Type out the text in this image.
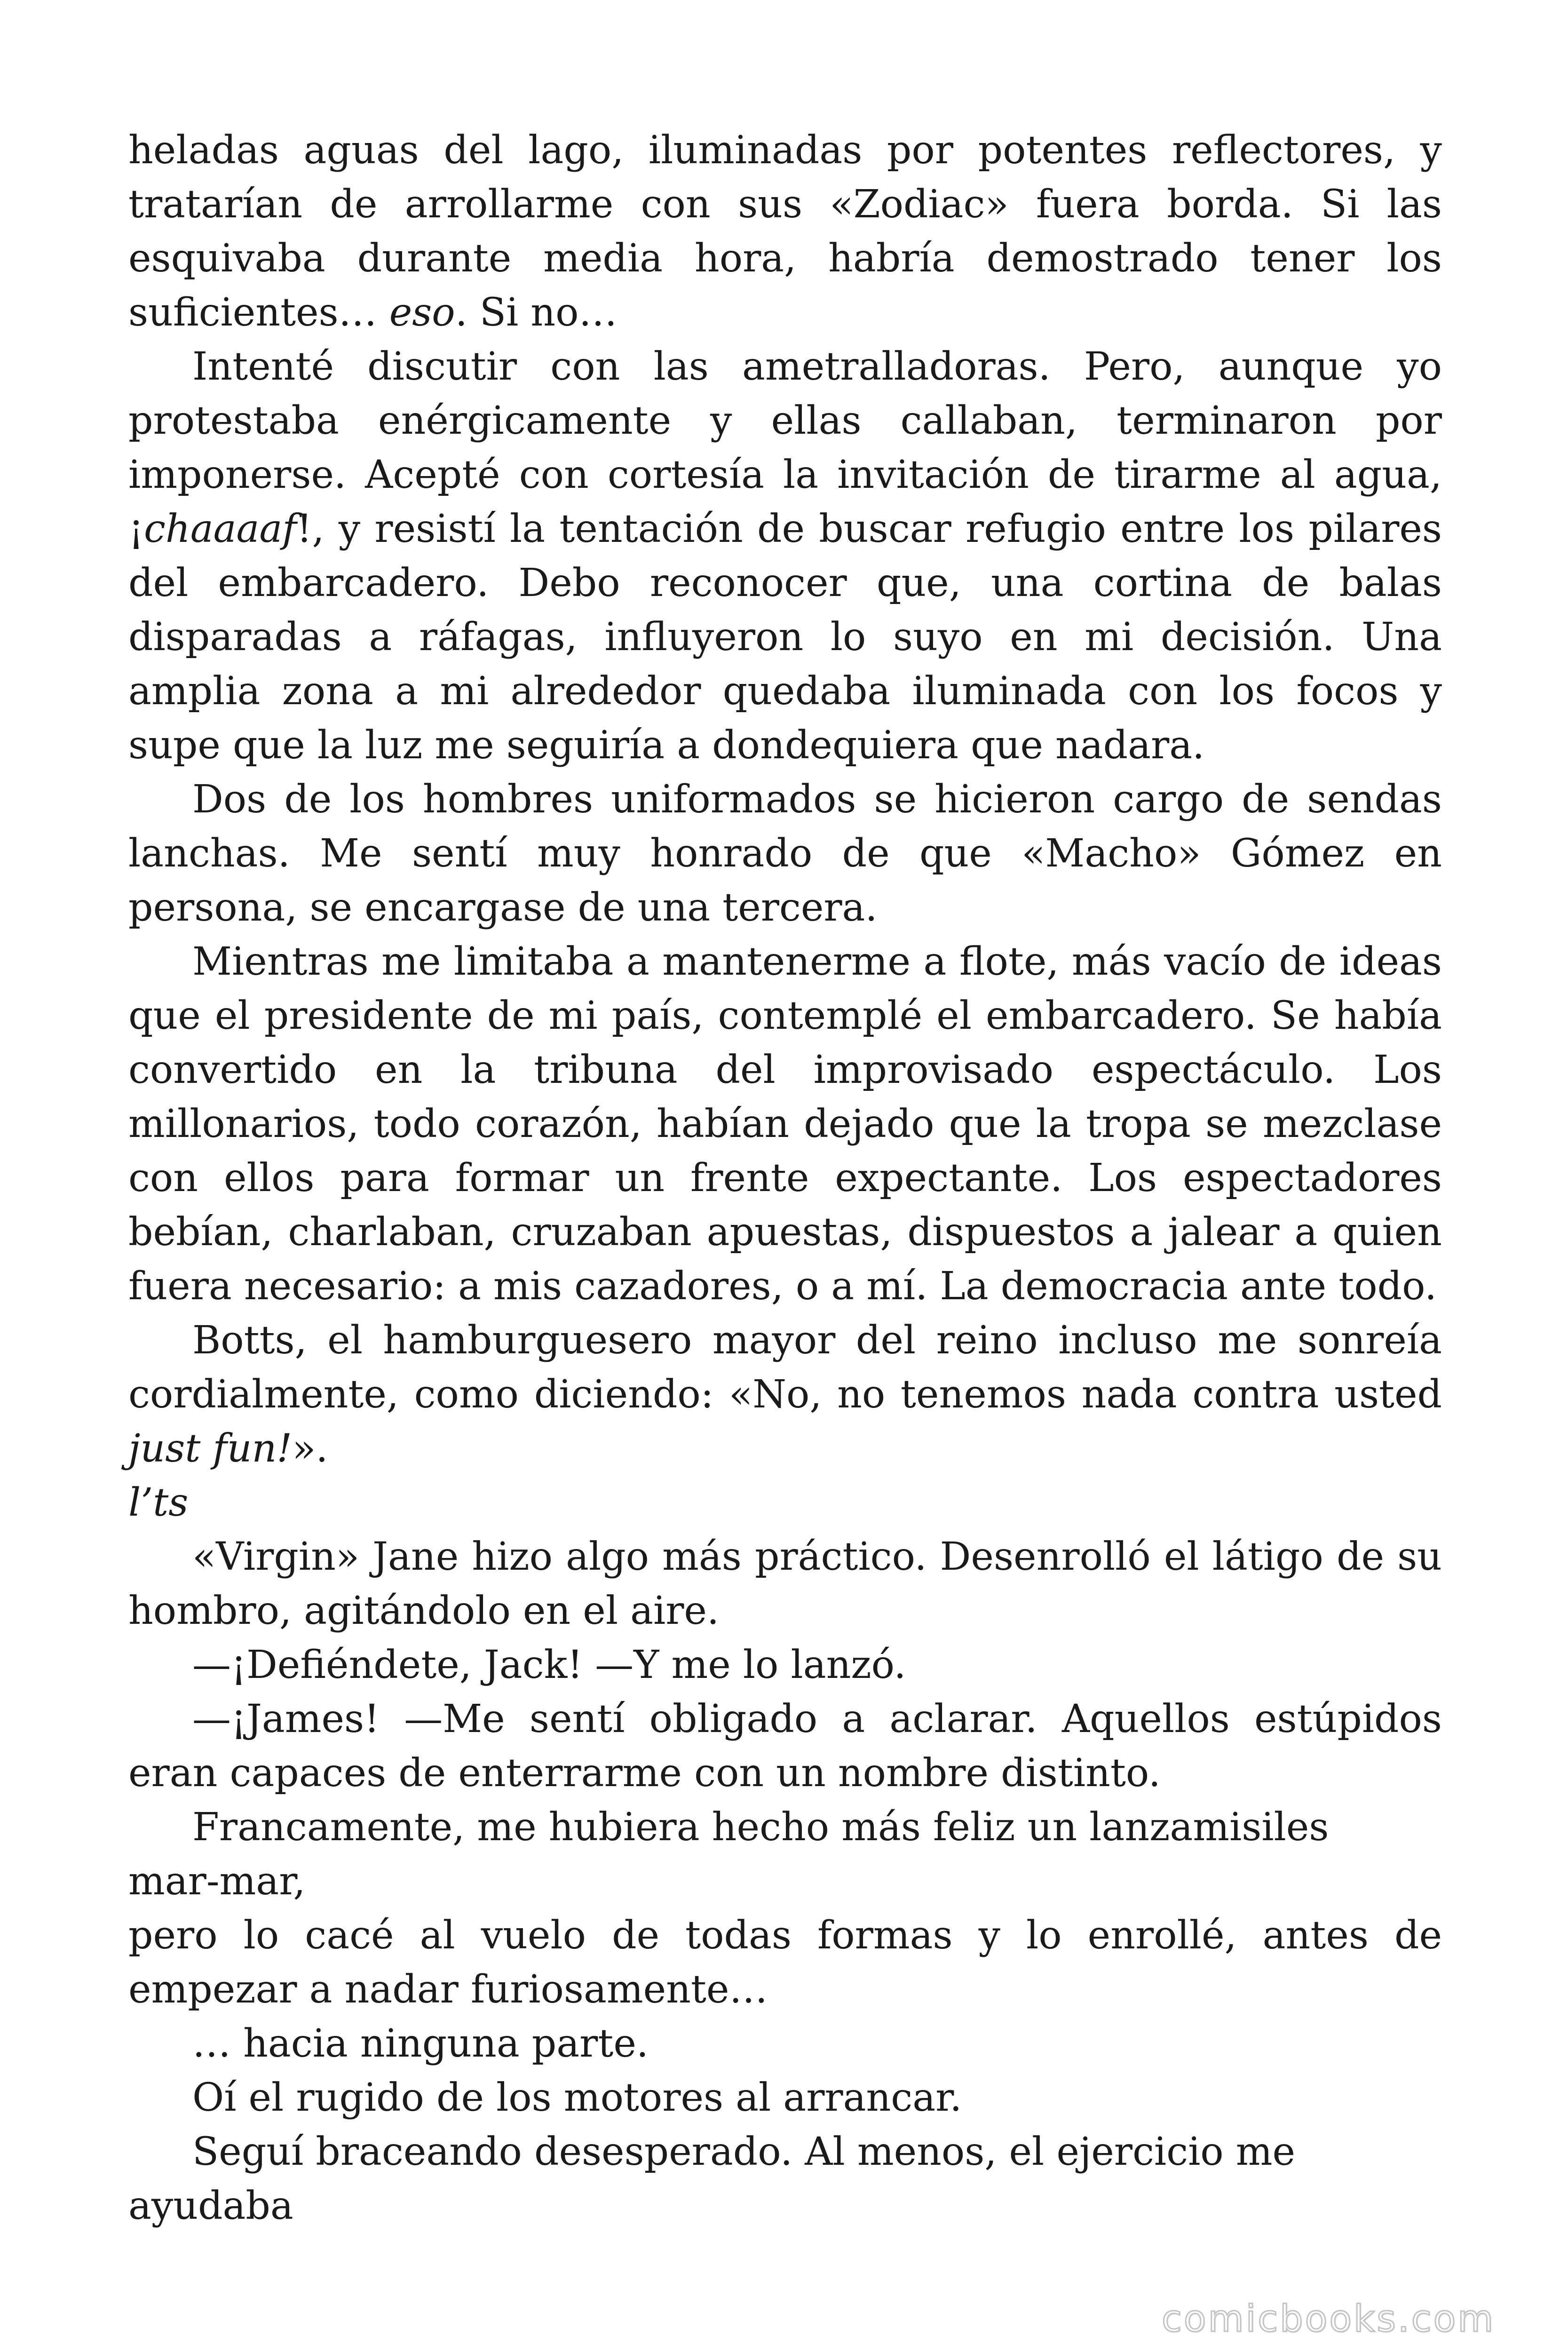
heladas aguas del lago, iluminadas por potentes reflectores, y tratarían de arrollarme con sus «Zodiac» fuera borda. Si las esquivaba durante media hora, habría demostrado tener los suficientes… eso. Si no…

Intenté discutir con las ametralladoras. Pero, aunque yo protestaba enérgicamente y ellas callaban, terminaron por imponerse. Acepté con cortesía la invitación de tirarme al agua, ¡chaaaaf!, y resistí la tentación de buscar refugio entre los pilares del embarcadero. Debo reconocer que, una cortina de balas disparadas a ráfagas, influyeron lo suyo en mi decisión. Una amplia zona a mi alrededor quedaba iluminada con los focos y supe que la luz me seguiría a dondequiera que nadara.

Dos de los hombres uniformados se hicieron cargo de sendas lanchas. Me sentí muy honrado de que «Macho» Gómez en persona, se encargase de una tercera.

Mientras me limitaba a mantenerme a flote, más vacío de ideas que el presidente de mi país, contemplé el embarcadero. Se había convertido en la tribuna del improvisado espectáculo. Los millonarios, todo corazón, habían dejado que la tropa se mezclase con ellos para formar un frente expectante. Los espectadores bebían, charlaban, cruzaban apuestas, dispuestos a jalear a quien fuera necesario: a mis cazadores, o a mí. La democracia ante todo.

Botts, el hamburguesero mayor del reino incluso me sonreía cordialmente, como diciendo: «No, no tenemos nada contra usted just fun!».

l’ts

«Virgin» Jane hizo algo más práctico. Desenrolló el látigo de su hombro, agitándolo en el aire.

—¡Defiéndete, Jack! —Y me lo lanzó.

—¡James! —Me sentí obligado a aclarar. Aquellos estúpidos eran capaces de enterrarme con un nombre distinto.

Francamente, me hubiera hecho más feliz un lanzamisiles

mar-mar,

pero lo cacé al vuelo de todas formas y lo enrollé, antes de empezar a nadar furiosamente…

… hacia ninguna parte.

Oí el rugido de los motores al arrancar.

Seguí braceando desesperado. Al menos, el ejercicio me ayudaba

comicbooks.com
